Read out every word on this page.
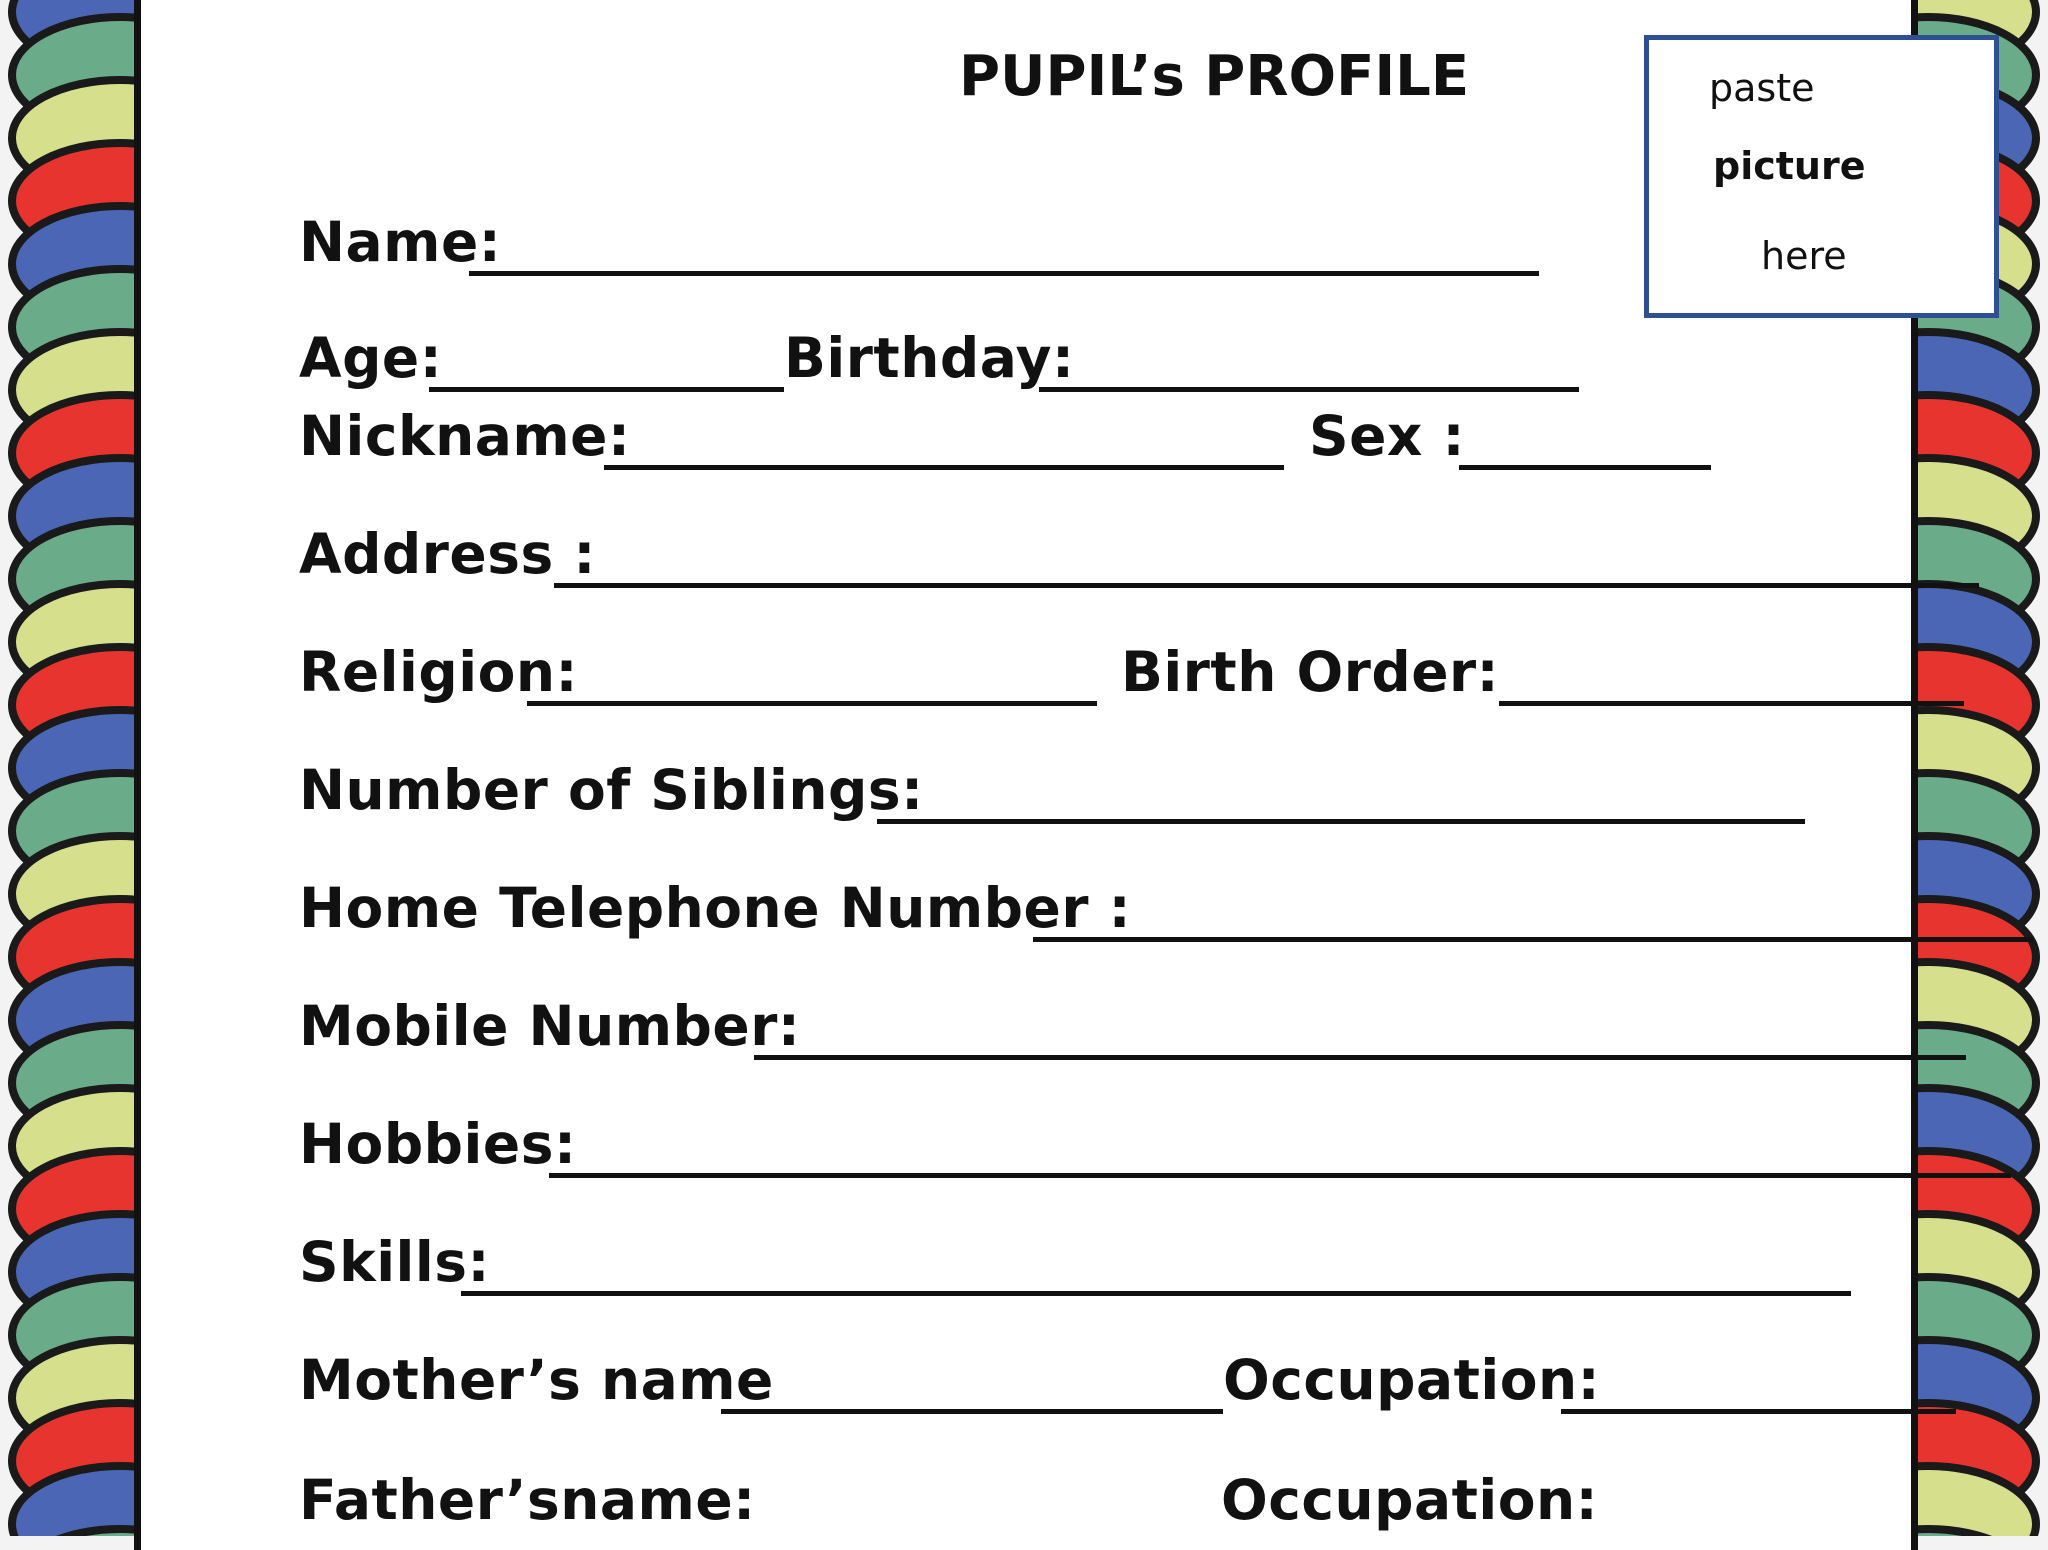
PUPIL’s PROFILE	paste
picture
here
Name:
Age:	Birthday:
Nickname:	Sex :
Address :
Religion:	Birth Order:
Number of Siblings:
Home Telephone Number :
Mobile Number:
Hobbies:
Skills:
Mother’s name	Occupation:
Father’sname:	Occupation:
